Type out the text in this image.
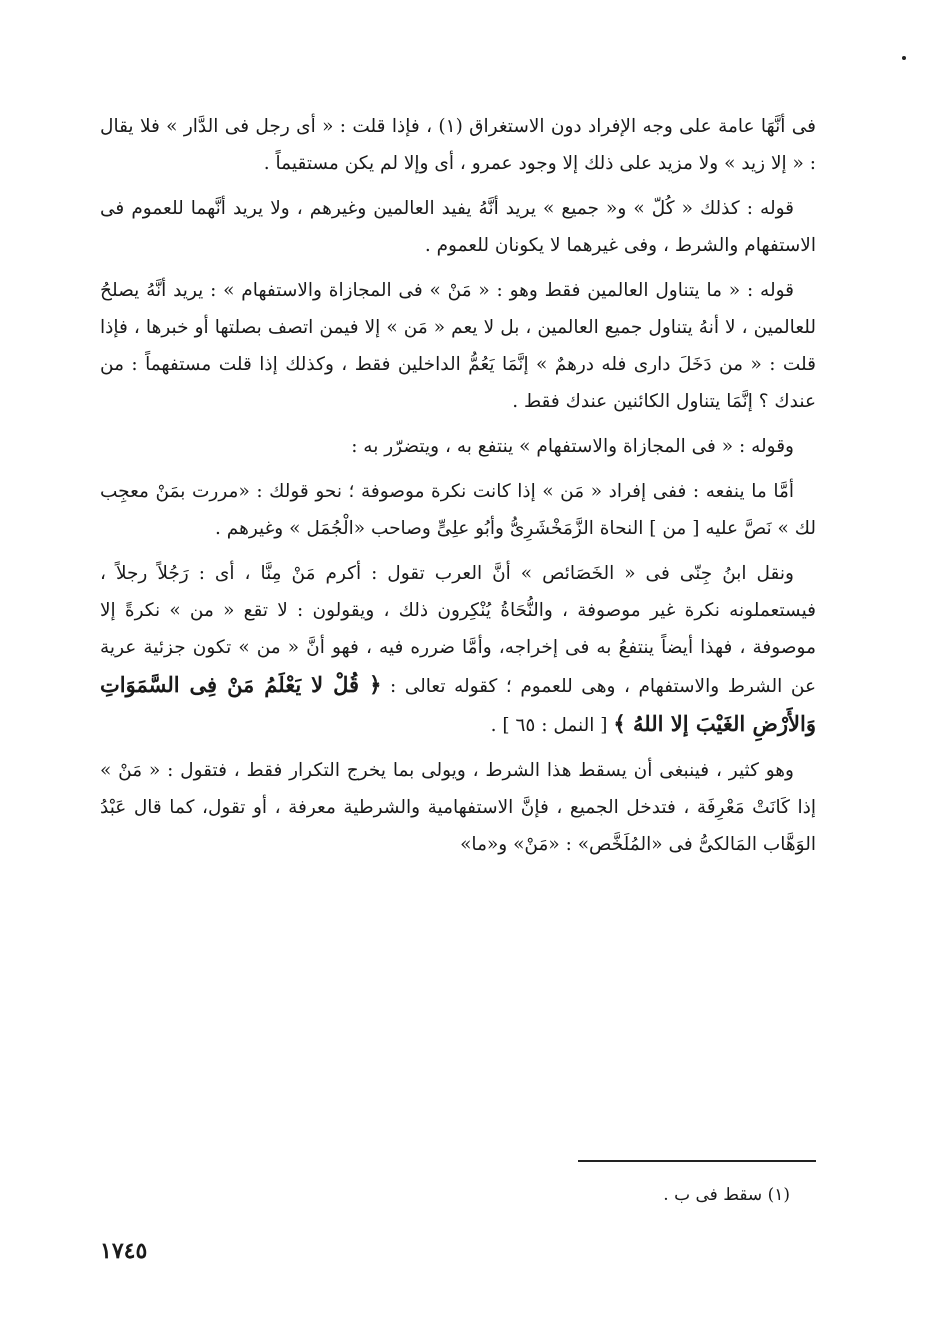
فى أنَّهَا عامة على وجه الإفراد دون الاستغراق (١) ، فإذا قلت : « أى رجل فى الدَّار » فلا يقال : « إلا زيد » ولا مزيد على ذلك إلا وجود عمرو ، أى وإلا لم يكن مستقيماً .

قوله : كذلك « كُلّ » و« جميع » يريد أنَّهُ يفيد العالمين وغيرهم ، ولا يريد أنَّهما للعموم فى الاستفهام والشرط ، وفى غيرهما لا يكونان للعموم .

قوله : « ما يتناول العالمين فقط وهو : « مَنْ » فى المجازاة والاستفهام » : يريد أنَّهُ يصلحُ للعالمين ، لا أنهُ يتناول جميع العالمين ، بل لا يعم « مَن » إلا فيمن اتصف بصلتها أو خبرها ، فإذا قلت : « من دَخَلَ دارى فله درهمٌ » إنَّمَا يَعُمُّ الداخلين فقط ، وكذلك إذا قلت مستفهماً : من عندك ؟ إنَّمَا يتناول الكائنين عندك فقط .

وقوله : « فى المجازاة والاستفهام » ينتفع به ، ويتضرّر به :

أمَّا ما ينفعه : ففى إفراد « مَن » إذا كانت نكرة موصوفة ؛ نحو قولك : «مررت بمَنْ معجِب لك » نَصَّ عليه [ من ] النحاة الزَّمَخْشَرِىُّ وأبُو علِىٍّ وصاحب «الْجُمَل » وغيرهم .

ونقل ابنُ جِنّى فى « الخَصَائص » أنَّ العرب تقول : أكرم مَنْ مِنَّا ، أى : رَجُلاً رجلاً ، فيستعملونه نكرة غير موصوفة ، والنُّحَاةُ يُنْكِرون ذلك ، ويقولون : لا تقع « من » نكرةً إلا موصوفة ، فهذا أيضاً ينتفعُ به فى إخراجه، وأمَّا ضرره فيه ، فهو أنَّ « من » تكون جزئية عرية عن الشرط والاستفهام ، وهى للعموم ؛ كقوله تعالى : ﴿ قُلْ لا يَعْلَمُ مَنْ فِى السَّمَوَاتِ وَالأَرْضِ الغَيْبَ إلا اللهُ ﴾ [ النمل : ٦٥ ] .

وهو كثير ، فينبغى أن يسقط هذا الشرط ، ويولى بما يخرج التكرار فقط ، فتقول : « مَنْ » إذا كَانَتْ مَعْرِفَة ، فتدخل الجميع ، فإنَّ الاستفهامية والشرطية معرفة ، أو تقول، كما قال عَبْدُ الوَهَّاب المَالكىُّ فى «المُلَخَّص» : «مَنْ» و«ما»

(١) سقط فى ب .
١٧٤٥
